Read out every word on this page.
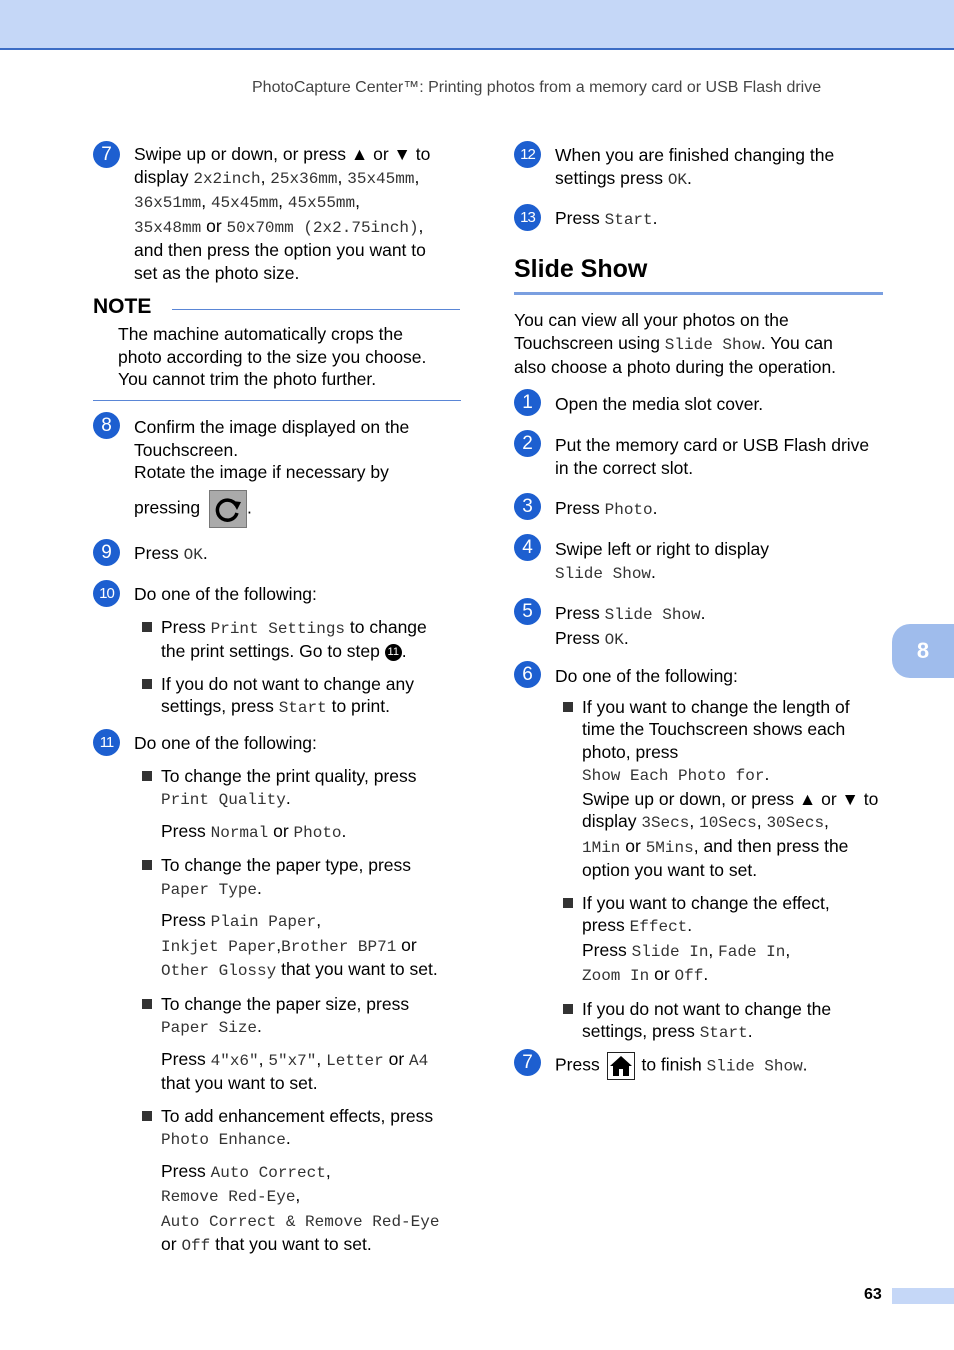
PhotoCapture Center™: Printing photos from a memory card or USB Flash drive
7	Swipe up or down, or press ▲ or ▼ to
display 2x2inch, 25x36mm, 35x45mm,
36x51mm, 45x45mm, 45x55mm,
35x48mm or 50x70mm (2x2.75inch),
and then press the option you want to
set as the photo size.
NOTE
The machine automatically crops the
photo according to the size you choose.
You cannot trim the photo further.
8	Confirm the image displayed on the
Touchscreen.
Rotate the image if necessary by
pressing	.
9	Press OK.
10	Do one of the following:
Press Print Settings to change
the print settings. Go to step 11 .
If you do not want to change any
settings, press Start to print.
11	Do one of the following:
To change the print quality, press
Print Quality.
Press Normal or Photo.
To change the paper type, press
Paper Type.
Press Plain Paper,
Inkjet Paper,Brother BP71 or
Other Glossy that you want to set.
To change the paper size, press
Paper Size.
Press 4"x6", 5"x7", Letter or A4
that you want to set.
To add enhancement effects, press
Photo Enhance.
Press Auto Correct,
Remove Red-Eye,
Auto Correct & Remove Red-Eye
or Off that you want to set.
12	When you are finished changing the
settings press OK.
13	Press Start.
Slide Show
You can view all your photos on the
Touchscreen using Slide Show. You can
also choose a photo during the operation.
1	Open the media slot cover.
2	Put the memory card or USB Flash drive
in the correct slot.
3	Press Photo.
4	Swipe left or right to display
Slide Show.
5	Press Slide Show.
Press OK.
6	Do one of the following:
If you want to change the length of
time the Touchscreen shows each
photo, press
Show Each Photo for.
Swipe up or down, or press ▲ or ▼ to
display 3Secs, 10Secs, 30Secs,
1Min or 5Mins, and then press the
option you want to set.
If you want to change the effect,
press Effect.
Press Slide In, Fade In,
Zoom In or Off.
If you do not want to change the
settings, press Start.
7	Press  to finish Slide Show.
8
63
